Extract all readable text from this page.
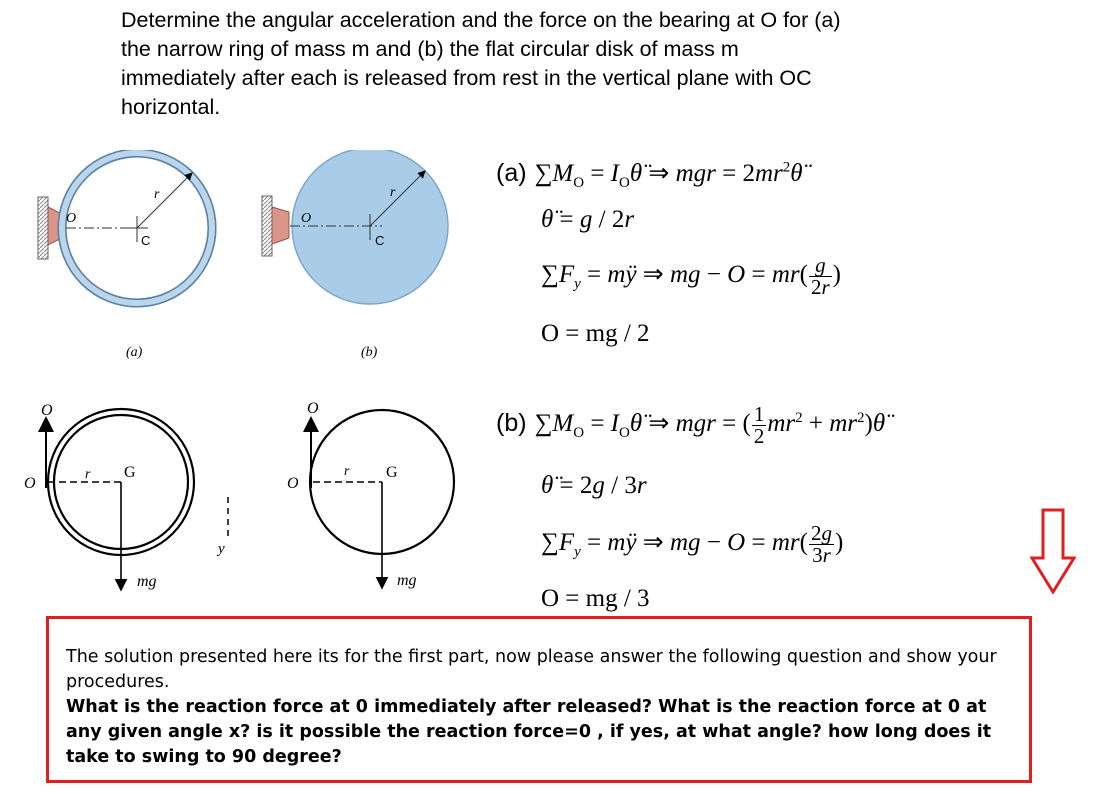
Determine the angular acceleration and the force on the bearing at O for (a) the narrow ring of mass m and (b) the flat circular disk of mass m immediately after each is released from rest in the vertical plane with OC horizontal.

O
C
r
(a)
O
C
r
(b)
O
O
r G
mg
y
O
O
r G
mg
(a) $\sum M_O$ = $I_O\thetä$ ⇒ mgr = $2mr^2\thetä$
θ̈ = g / 2r
$\sum F_y$ = mÿ ⇒ mg − $O = mr( \frac{g}{2r}$ )
O = mg / 2
(b) $\sum M_O$ = $I_O\thetä$ ⇒ mgr = ( $\frac{1}{2} mr^2$ + $mr^2)\thetä$
θ̈ = 2g / 3r
$\sum F_y$ = mÿ ⇒ mg − $O = mr( \frac{2g}{3r}$ )
O = mg / 3

The solution presented here its for the first part, now please answer the following question and show your procedures.

What is the reaction force at 0 immediately after released? What is the reaction force at 0 at any given angle x? is it possible the reaction force=0 , if yes, at what angle? how long does it take to swing to 90 degree?
